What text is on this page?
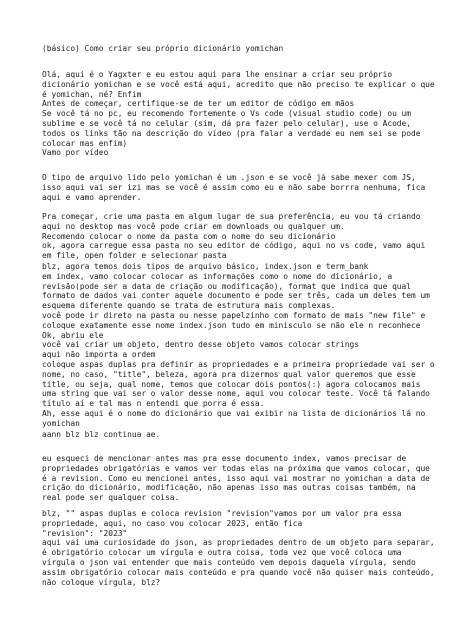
(básico) Como criar seu próprio dicionário yomichan
Olá, aqui é o Yagxter e eu estou aqui para lhe ensinar a criar seu próprio
dicionário yomichan e se você está aqui, acredito que não preciso te explicar o que
é yomichan, né? Enfim
Antes de começar, certifique-se de ter um editor de código em mãos
Se você tá no pc, eu recomendo fortemente o Vs code (visual studio code) ou um
sublime e se você tá no celular (sim, dá pra fazer pelo celular), use o Acode,
todos os links tão na descrição do vídeo (pra falar a verdade eu nem sei se pode
colocar mas enfim)
Vamo por vídeo
O tipo de arquivo lido pelo yomichan é um .json e se você já sabe mexer com JS,
isso aqui vai ser izi mas se você é assim como eu e não sabe borrra nenhuma, fica
aqui e vamo aprender.
Pra começar, crie uma pasta em algum lugar de sua preferência, eu vou tá criando
aqui no desktop mas você pode criar em downloads ou qualquer um.
Recomendo colocar o nome da pasta com o nome do seu dicionário
ok, agora carregue essa pasta no seu editor de código, aqui no vs code, vamo aqui
em file, open folder e selecionar pasta
blz, agora temos dois tipos de arquivo básico, index.json e term_bank
em index, vamo colocar colocar as informações como o nome do dicionário, a
revisão(pode ser a data de criação ou modificação), format que indica que qual
formato de dados vai conter aquele documento e pode ser três, cada um deles tem um
esquema diferente quando se trata de estrutura mais complexas.
você pode ir direto na pasta ou nesse papelzinho com formato de mais "new file" e
coloque exatamente esse nome index.json tudo em minisculo se não ele n reconhece
Ok, abriu ele
você vai criar um objeto, dentro desse objeto vamos colocar strings
aqui não importa a ordem
coloque aspas duplas pra definir as propriedades e a primeira propriedade vai ser o
nome, no caso, "title", beleza, agora pra dizermos qual valor queremos que esse
title, ou seja, qual nome, temos que colocar dois pontos(:) agora colocamos mais
uma string que vai ser o valor desse nome, aqui vou colocar teste. Você tá falando
título aí e tal mas n entendi que porra é essa.
Ah, esse aqui é o nome do dicionário que vai exibir na lista de dicionários lá no
yomichan
aann blz blz continua ae.
eu esqueci de mencionar antes mas pra esse documento index, vamos precisar de
propriedades obrigatórias e vamos ver todas elas na próxima que vamos colocar, que
é a revision. Como eu mencionei antes, isso aqui vai mostrar no yomichan a data de
crição do dicionário, modificação, não apenas isso mas outras coisas também, na
real pode ser qualquer coisa.
blz, "" aspas duplas e coloca revision "revision"vamos por um valor pra essa
propriedade, aqui, no caso vou colocar 2023, então fica
"revision": "2023"
aqui vai uma curiosidade do json, as propriedades dentro de um objeto para separar,
é obrigatório colocar um vírgula e outra coisa, toda vez que você coloca uma
vírgula o json vai entender que mais conteúdo vem depois daquela vírgula, sendo
assim obrigatório colocar mais conteúdo e pra quando você não quiser mais conteúdo,
não coloque vírgula, blz?
